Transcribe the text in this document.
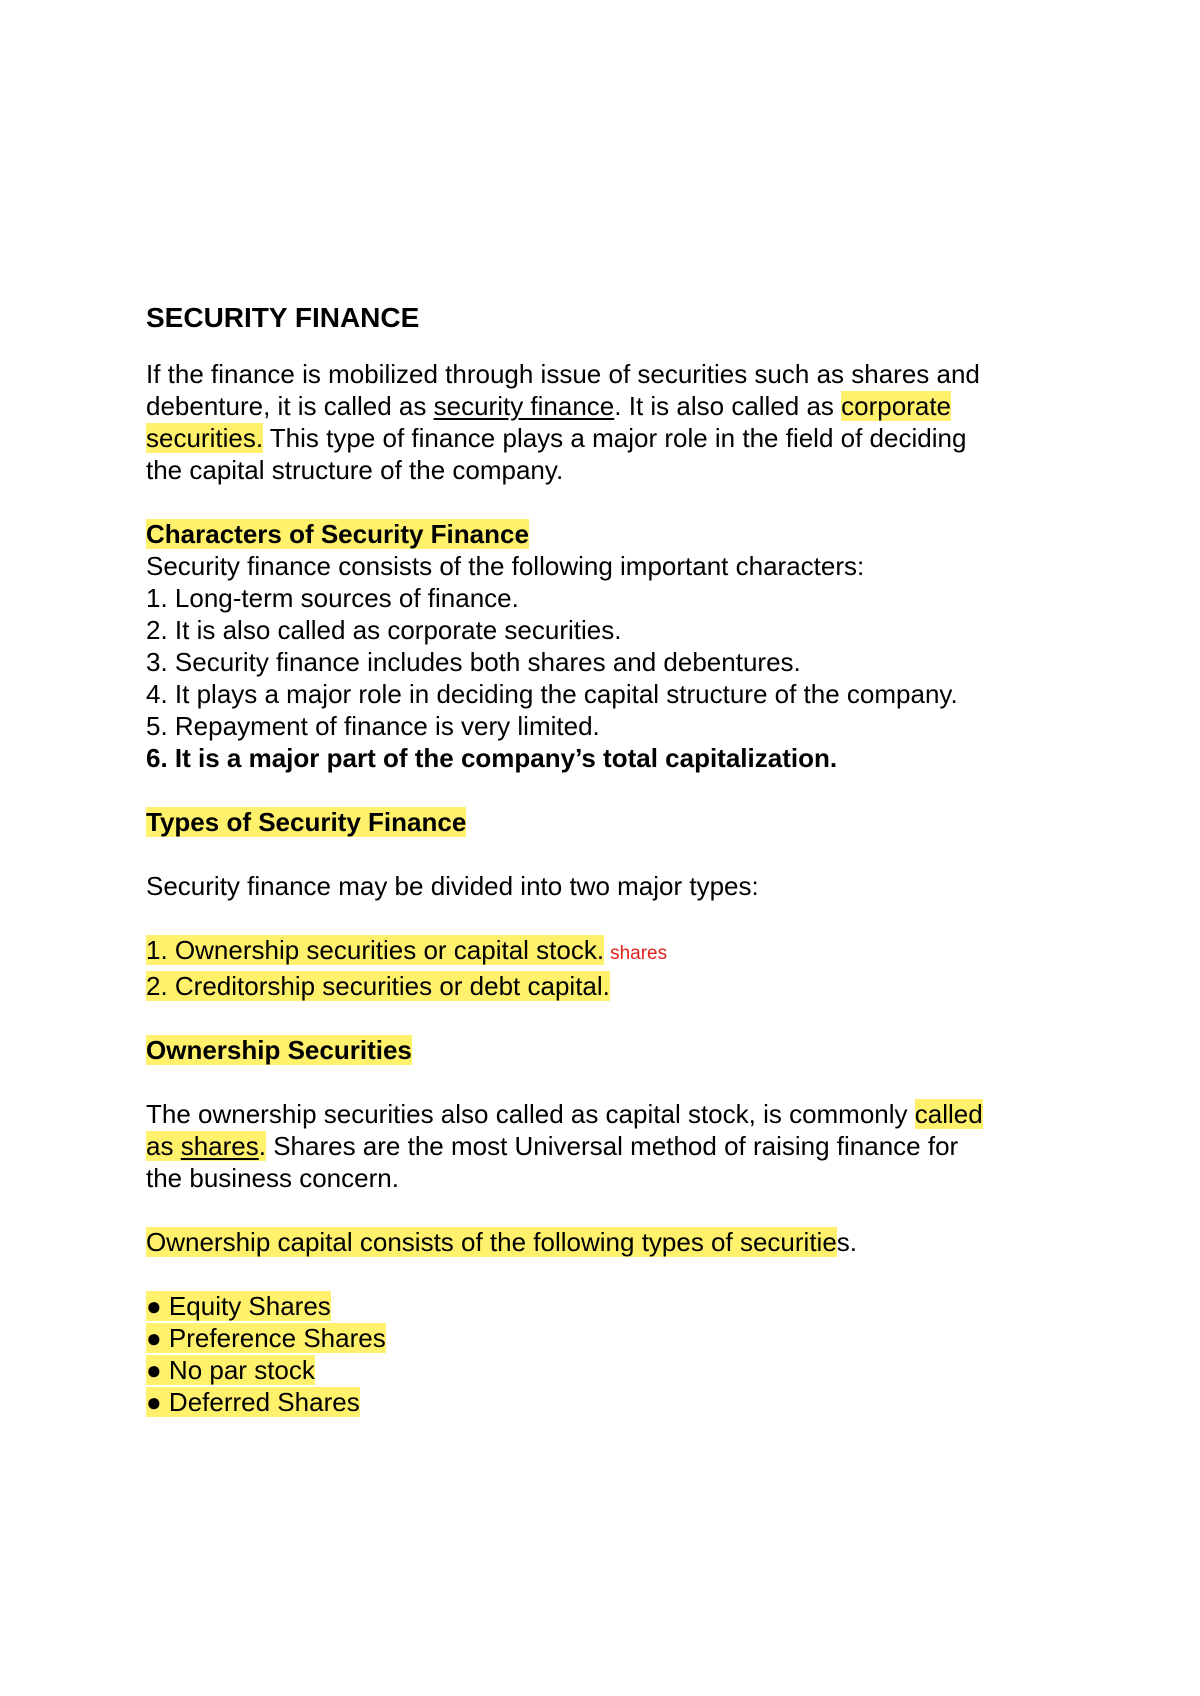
SECURITY FINANCE

If the finance is mobilized through issue of securities such as shares and
debenture, it is called as security finance. It is also called as corporate
securities. This type of finance plays a major role in the field of deciding
the capital structure of the company.

Characters of Security Finance

Security finance consists of the following important characters:
1. Long-term sources of finance.
2. It is also called as corporate securities.
3. Security finance includes both shares and debentures.
4. It plays a major role in deciding the capital structure of the company.
5. Repayment of finance is very limited.
6. It is a major part of the company’s total capitalization.

Types of Security Finance

Security finance may be divided into two major types:
1. Ownership securities or capital stock. shares
2. Creditorship securities or debt capital.

Ownership Securities

The ownership securities also called as capital stock, is commonly called
as shares. Shares are the most Universal method of raising finance for
the business concern.

Ownership capital consists of the following types of securities.
● Equity Shares
● Preference Shares
● No par stock
● Deferred Shares
